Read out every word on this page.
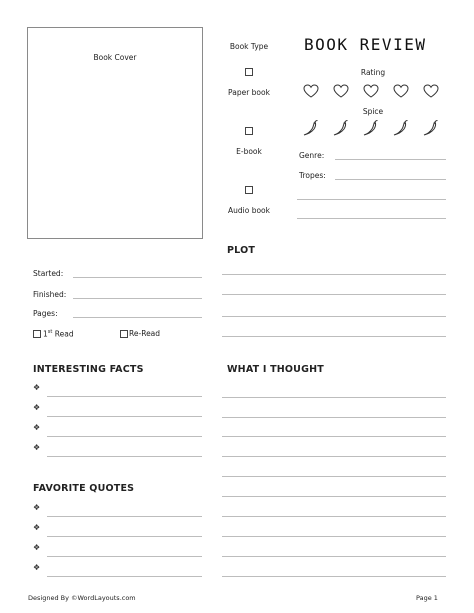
BOOK REVIEW
Book Cover
Book Type
Paper book
E-book
Audio book
Rating
Spice
Genre:
Tropes:
PLOT
Started:
Finished:
Pages:
1st Read	Re-Read
INTERESTING FACTS
❖
❖
❖
❖
WHAT I THOUGHT
FAVORITE QUOTES
❖
❖
❖
❖
Designed By ©WordLayouts.com	Page 1
